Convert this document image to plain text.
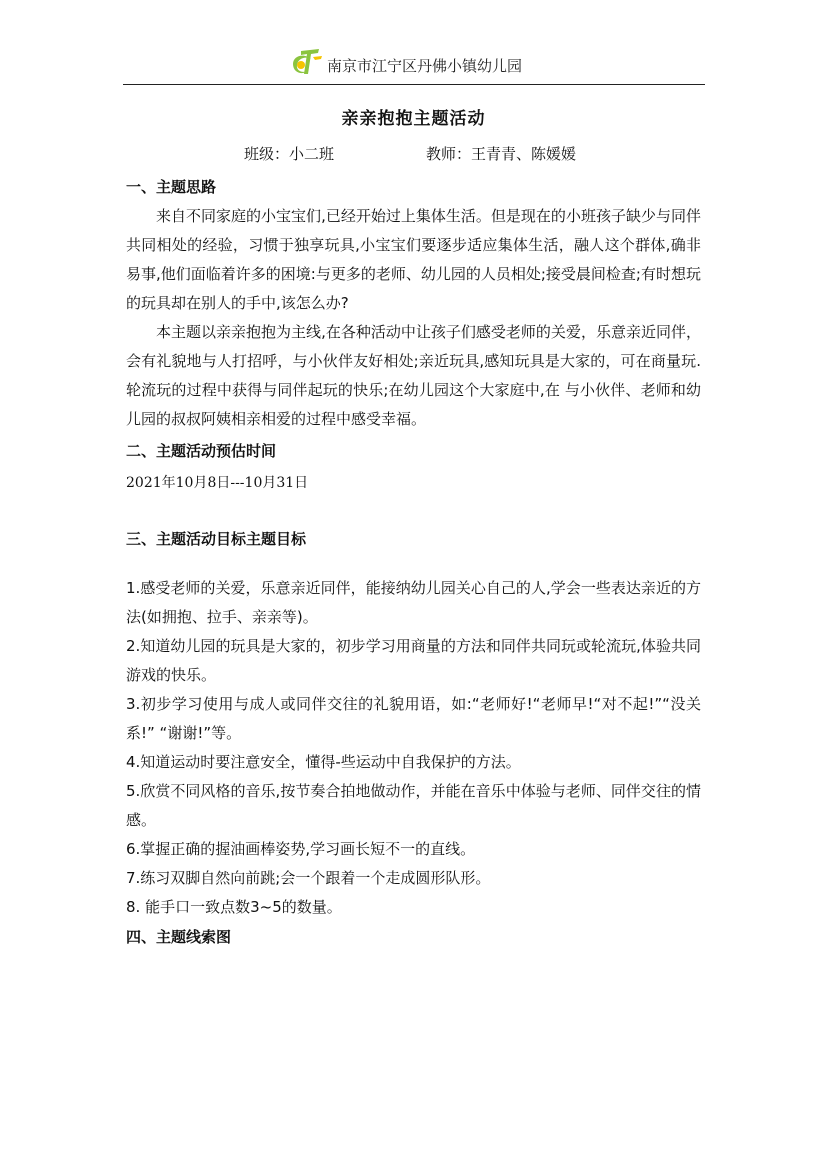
南京市江宁区丹佛小镇幼儿园
亲亲抱抱主题活动
班级：小二班	教师：王青青、陈媛媛
一、主题思路

来自不同家庭的小宝宝们,已经开始过上集体生活。但是现在的小班孩子缺少与同伴共同相处的经验，习惯于独享玩具,小宝宝们要逐步适应集体生活，融人这个群体,确非易事,他们面临着许多的困境:与更多的老师、幼儿园的人员相处;接受晨间检查;有时想玩的玩具却在别人的手中,该怎么办?

本主题以亲亲抱抱为主线,在各种活动中让孩子们感受老师的关爱，乐意亲近同伴，会有礼貌地与人打招呼，与小伙伴友好相处;亲近玩具,感知玩具是大家的，可在商量玩.轮流玩的过程中获得与同伴起玩的快乐;在幼儿园这个大家庭中,在 与小伙伴、老师和幼儿园的叔叔阿姨相亲相爱的过程中感受幸福。

二、主题活动预估时间
2021年10月8日---10月31日
三、主题活动目标主题目标

1.感受老师的关爱，乐意亲近同伴，能接纳幼儿园关心自己的人,学会一些表达亲近的方法(如拥抱、拉手、亲亲等)。

2.知道幼儿园的玩具是大家的，初步学习用商量的方法和同伴共同玩或轮流玩,体验共同游戏的快乐。

3.初步学习使用与成人或同伴交往的礼貌用语，如:“老师好!“老师早!“对不起!”“没关系!” “谢谢!”等。

4.知道运动时要注意安全，懂得-些运动中自我保护的方法。

5.欣赏不同风格的音乐,按节奏合拍地做动作，并能在音乐中体验与老师、同伴交往的情感。

6.掌握正确的握油画棒姿势,学习画长短不一的直线。

7.练习双脚自然向前跳;会一个跟着一个走成圆形队形。

8. 能手口一致点数3~5的数量。

四、主题线索图
